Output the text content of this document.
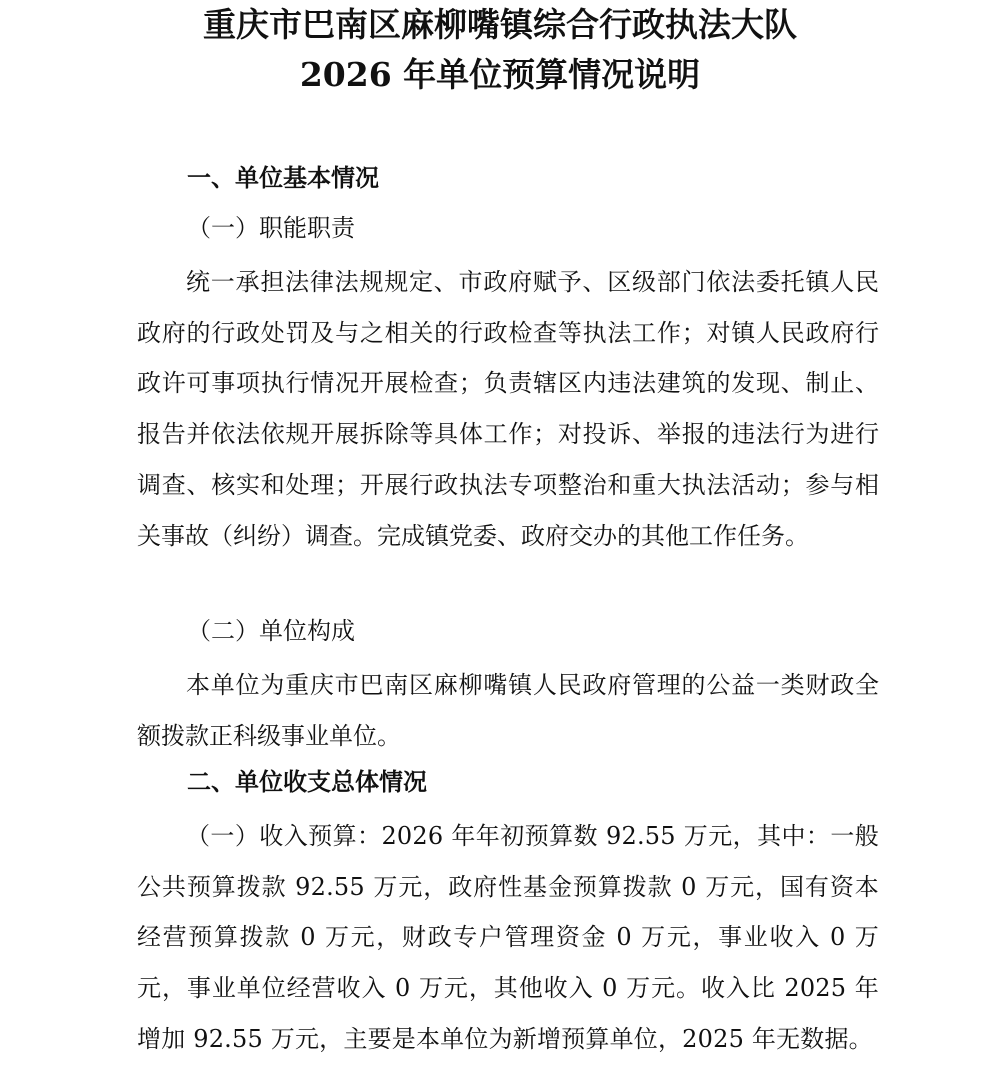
重庆市巴南区麻柳嘴镇综合行政执法大队
2026 年单位预算情况说明
一、单位基本情况
（一）职能职责

统一承担法律法规规定、市政府赋予、区级部门依法委托镇人民政府的行政处罚及与之相关的行政检查等执法工作；对镇人民政府行政许可事项执行情况开展检查；负责辖区内违法建筑的发现、制止、报告并依法依规开展拆除等具体工作；对投诉、举报的违法行为进行调查、核实和处理；开展行政执法专项整治和重大执法活动；参与相关事故（纠纷）调查。完成镇党委、政府交办的其他工作任务。

（二）单位构成

本单位为重庆市巴南区麻柳嘴镇人民政府管理的公益一类财政全额拨款正科级事业单位。

二、单位收支总体情况

（一）收入预算：2026 年年初预算数 92.55 万元，其中：一般公共预算拨款 92.55 万元，政府性基金预算拨款 0 万元，国有资本经营预算拨款 0 万元，财政专户管理资金 0 万元，事业收入 0 万元，事业单位经营收入 0 万元，其他收入 0 万元。收入比 2025 年增加 92.55 万元，主要是本单位为新增预算单位，2025 年无数据。
